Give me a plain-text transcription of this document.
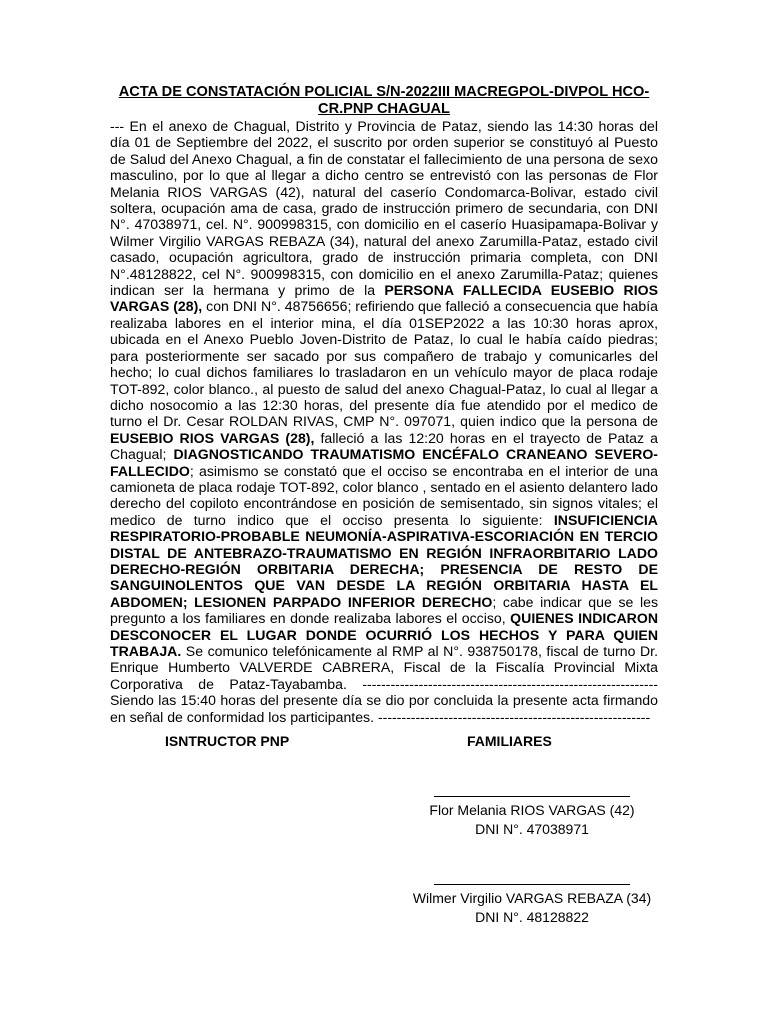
ACTA DE CONSTATACIÓN POLICIAL S/N-2022III MACREGPOL-DIVPOL HCO-
CR.PNP CHAGUAL

--- En el anexo de Chagual, Distrito y Provincia de Pataz, siendo las 14:30 horas del día 01 de Septiembre del 2022, el suscrito por orden superior se constituyó al Puesto de Salud del Anexo Chagual, a fin de constatar el fallecimiento de una persona de sexo masculino, por lo que al llegar a dicho centro se entrevistó con las personas de Flor Melania RIOS VARGAS (42), natural del caserío Condomarca-Bolivar, estado civil soltera, ocupación ama de casa, grado de instrucción primero de secundaria, con DNI N°. 47038971, cel. N°. 900998315, con domicilio en el caserío Huasipamapa-Bolivar y Wilmer Virgilio VARGAS REBAZA (34), natural del anexo Zarumilla-Pataz, estado civil casado, ocupación agricultora, grado de instrucción primaria completa, con DNI N°.48128822, cel N°. 900998315, con domicilio en el anexo Zarumilla-Pataz; quienes indican ser la hermana y primo de la PERSONA FALLECIDA EUSEBIO RIOS VARGAS (28), con DNI N°. 48756656; refiriendo que falleció a consecuencia que había realizaba labores en el interior mina, el día 01SEP2022 a las 10:30 horas aprox, ubicada en el Anexo Pueblo Joven-Distrito de Pataz, lo cual le había caído piedras; para posteriormente ser sacado por sus compañero de trabajo y comunicarles del hecho; lo cual dichos familiares lo trasladaron en un vehículo mayor de placa rodaje TOT-892, color blanco., al puesto de salud del anexo Chagual-Pataz, lo cual al llegar a dicho nosocomio a las 12:30 horas, del presente día fue atendido por el medico de turno el Dr. Cesar ROLDAN RIVAS, CMP N°. 097071, quien indico que la persona de EUSEBIO RIOS VARGAS (28), falleció a las 12:20 horas en el trayecto de Pataz a Chagual; DIAGNOSTICANDO TRAUMATISMO ENCÉFALO CRANEANO SEVERO-FALLECIDO; asimismo se constató que el occiso se encontraba en el interior de una camioneta de placa rodaje TOT-892, color blanco , sentado en el asiento delantero lado derecho del copiloto encontrándose en posición de semisentado, sin signos vitales; el medico de turno indico que el occiso presenta lo siguiente: INSUFICIENCIA RESPIRATORIO-PROBABLE NEUMONÍA-ASPIRATIVA-ESCORIACIÓN EN TERCIO DISTAL DE ANTEBRAZO-TRAUMATISMO EN REGIÓN INFRAORBITARIO LADO DERECHO-REGIÓN ORBITARIA DERECHA; PRESENCIA DE RESTO DE SANGUINOLENTOS QUE VAN DESDE LA REGIÓN ORBITARIA HASTA EL ABDOMEN; LESIONEN PARPADO INFERIOR DERECHO; cabe indicar que se les pregunto a los familiares en donde realizaba labores el occiso, QUIENES INDICARON DESCONOCER EL LUGAR DONDE OCURRIÓ LOS HECHOS Y PARA QUIEN TRABAJA. Se comunico telefónicamente al RMP al N°. 938750178, fiscal de turno Dr. Enrique Humberto VALVERDE CABRERA, Fiscal de la Fiscalía Provincial Mixta Corporativa de Pataz-Tayabamba. --------------------------------------------------------------- Siendo las 15:40 horas del presente día se dio por concluida la presente acta firmando en señal de conformidad los participantes. ----------------------------------------------------------

ISNTRUCTOR PNP	FAMILIARES
Flor Melania RIOS VARGAS (42)
DNI N°. 47038971
Wilmer Virgilio VARGAS REBAZA (34)
DNI N°. 48128822
